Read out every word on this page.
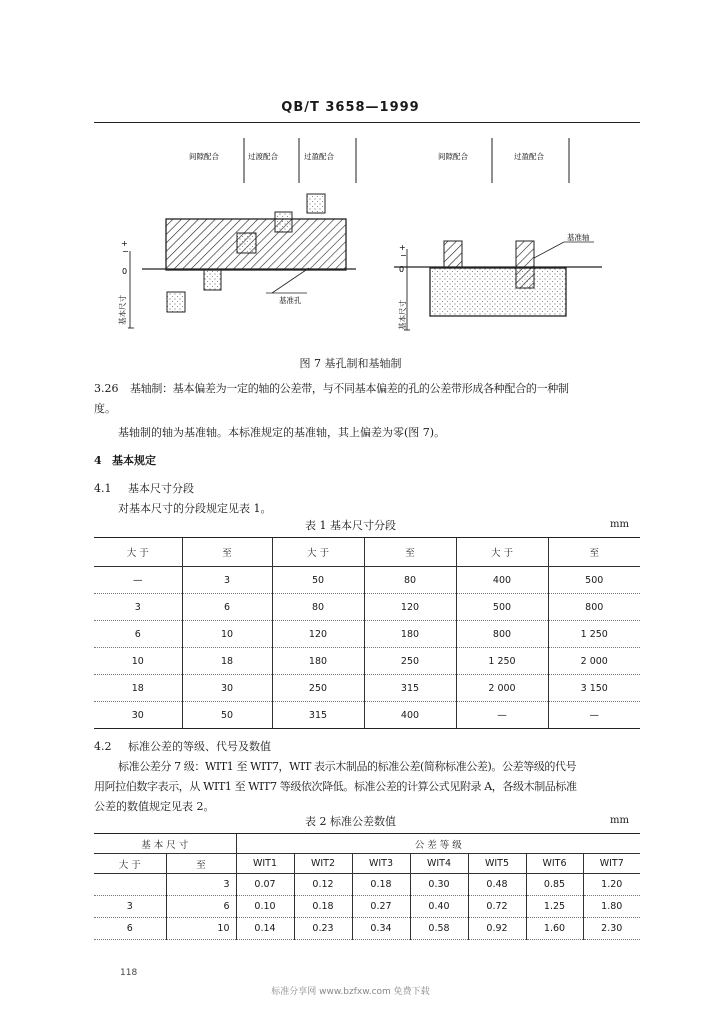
QB/T 3658—1999
间隙配合	过渡配合	过盈配合
+
0
−
基本尺寸	基准孔
间隙配合	过盈配合
+
0
−
基本尺寸
基准轴
图 7 基孔制和基轴制
3.26 基轴制：基本偏差为一定的轴的公差带，与不同基本偏差的孔的公差带形成各种配合的一种制
度。
基轴制的轴为基准轴。本标准规定的基准轴，其上偏差为零(图 7)。
4 基本规定
4.1 基本尺寸分段
对基本尺寸的分段规定见表 1。
表 1 基本尺寸分段	mm
大 于	至	大 于	至	大 于	至
—	3	50	80	400	500
3	6	80	120	500	800
6	10	120	180	800	1 250
10	18	180	250	1 250	2 000
18	30	250	315	2 000	3 150
30	50	315	400	—	—
4.2 标准公差的等级、代号及数值
标准公差分 7 级：WIT1 至 WIT7，WIT 表示木制品的标准公差(简称标准公差)。公差等级的代号
用阿拉伯数字表示，从 WIT1 至 WIT7 等级依次降低。标准公差的计算公式见附录 A，各级木制品标准
公差的数值规定见表 2。
表 2 标准公差数值	mm
基 本 尺 寸		公 差 等 级						
大 于	至	WIT1	WIT2	WIT3	WIT4	WIT5	WIT6	WIT7
	3	0.07	0.12	0.18	0.30	0.48	0.85	1.20
3	6	0.10	0.18	0.27	0.40	0.72	1.25	1.80
6	10	0.14	0.23	0.34	0.58	0.92	1.60	2.30
118
标准分享网 www.bzfxw.com 免费下载
